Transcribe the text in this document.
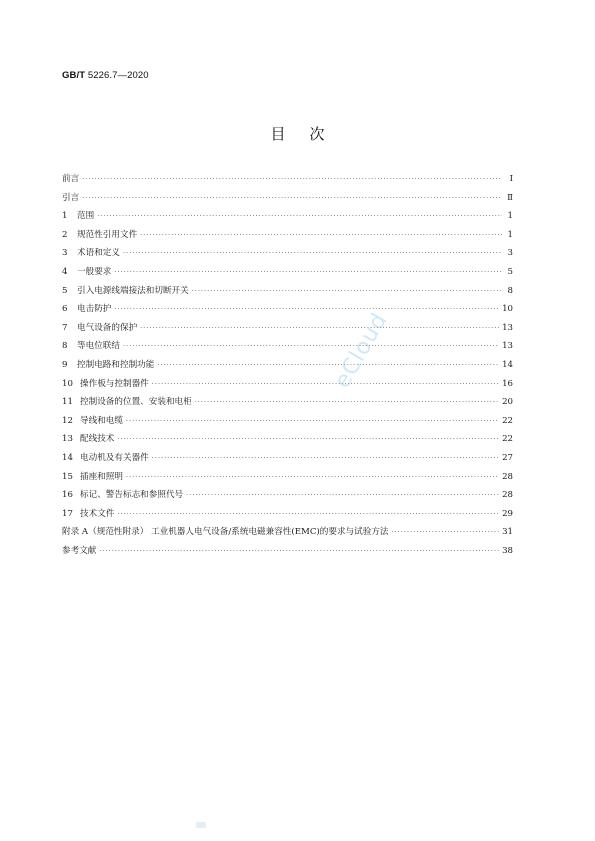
GB/T 5226.7—2020
目次
前言 ·····	Ⅰ
引言 ·····	Ⅱ
1 范围 ·····	1
2 规范性引用文件 ·····	1
3 术语和定义 ·····	3
4 一般要求 ·····	5
5 引入电源线端接法和切断开关 ·····	8
6 电击防护 ·····	10
7 电气设备的保护 ·····	13
8 等电位联结 ·····	13
9 控制电路和控制功能 ·····	14
10 操作板与控制器件 ·····	16
11 控制设备的位置、安装和电柜 ·····	20
12 导线和电缆 ·····	22
13 配线技术 ·····	22
14 电动机及有关器件 ·····	27
15 插座和照明 ·····	28
16 标记、警告标志和参照代号 ·····	28
17 技术文件 ·····	29
附录 A（规范性附录） 工业机器人电气设备/系统电磁兼容性(EMC)的要求与试验方法 ·····	31
参考文献 ·····	38
eCloud
